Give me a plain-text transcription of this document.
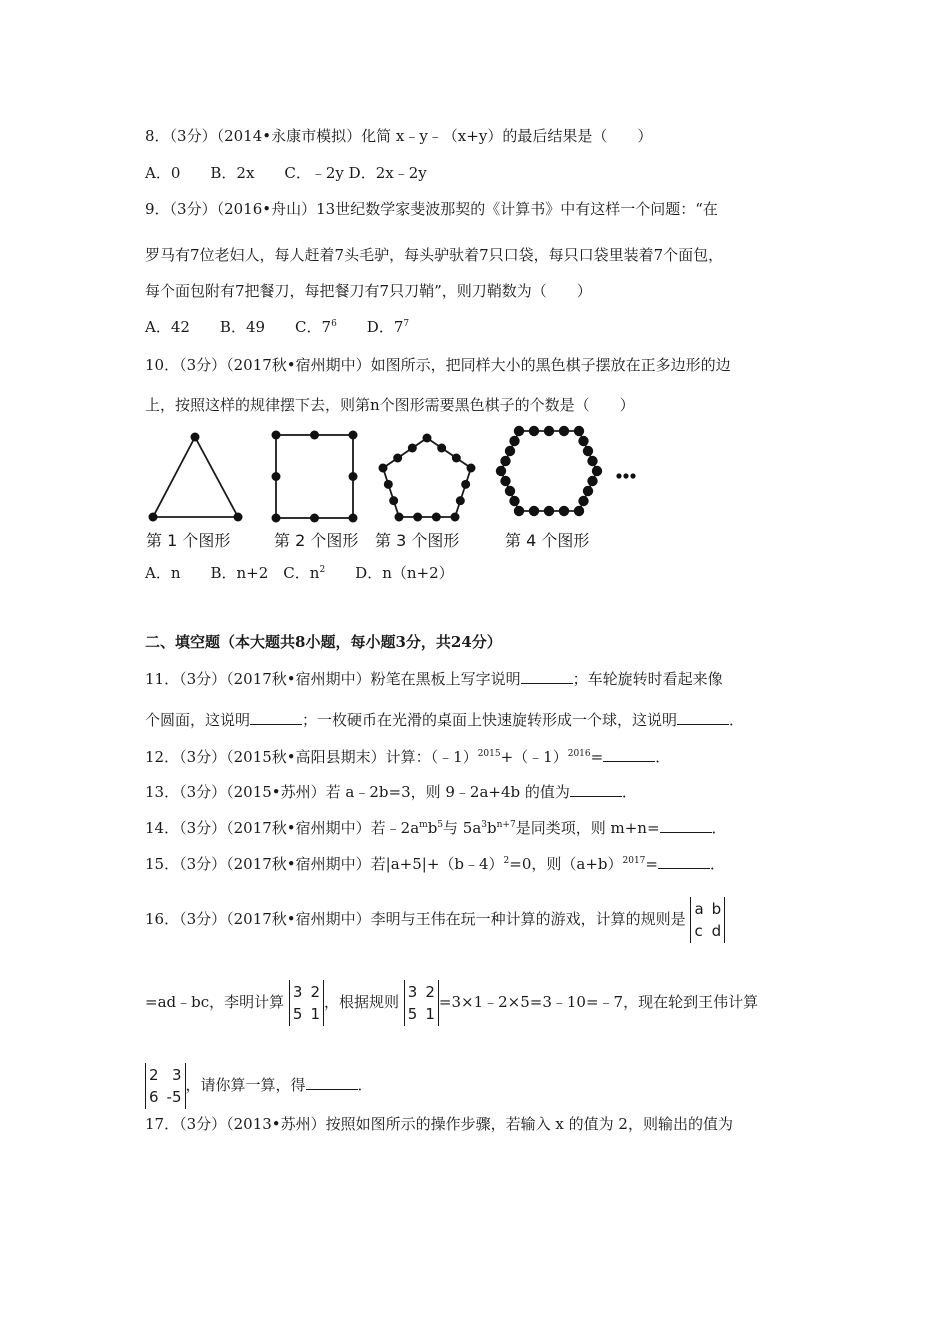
8．（3分）（2014•永康市模拟）化简 x﹣y﹣（x+y）的最后结果是（　　）
A．0　　B．2x　　C．﹣2y D．2x﹣2y
9．（3分）（2016•舟山）13世纪数学家斐波那契的《计算书》中有这样一个问题：“在
罗马有7位老妇人，每人赶着7头毛驴，每头驴驮着7只口袋，每只口袋里装着7个面包，
每个面包附有7把餐刀，每把餐刀有7只刀鞘”，则刀鞘数为（　　）
A．42　　B．49　　C．$7^6$　　D．$7^7$
10．（3分）（2017秋•宿州期中）如图所示，把同样大小的黑色棋子摆放在正多边形的边
上，按照这样的规律摆下去，则第n个图形需要黑色棋子的个数是（　　）
第 1 个图形	第 2 个图形 第 3 个图形	第 4 个图形
A．n　　B．n+2　C．$n^2$　　D．n（n+2）
二、填空题（本大题共8小题，每小题3分，共24分）
11．（3分）（2017秋•宿州期中）粉笔在黑板上写字说明	；车轮旋转时看起来像
个圆面，这说明	；一枚硬币在光滑的桌面上快速旋转形成一个球，这说明	．
12．（3分）（2015秋•高阳县期末）计算：（﹣1）$^{2015}$+（﹣1）$^{2016}$=	．
13．（3分）（2015•苏州）若 a﹣2b=3，则 9﹣2a+4b 的值为	．
14．（3分）（2017秋•宿州期中）若$﹣2a^mb^5$与 $5a^3b^{n+7}$是同类项，则 m+n=	．
15．（3分）（2017秋•宿州期中）若|a+5|+（b﹣4）$^2$=0，则$(a+b)^{2017}=$	．
16．（3分）（2017秋•宿州期中）李明与王伟在玩一种计算的游戏，计算的规则是
a b
c d
=ad﹣bc，李明计算
3 2
5 1
，根据规则
3 2
5 1
=3×1﹣2×5=3﹣10=﹣7，现在轮到王伟计算
2 3
6 -5
，请你算一算，得	．
17．（3分）（2013•苏州）按照如图所示的操作步骤，若输入 x 的值为 2，则输出的值为
